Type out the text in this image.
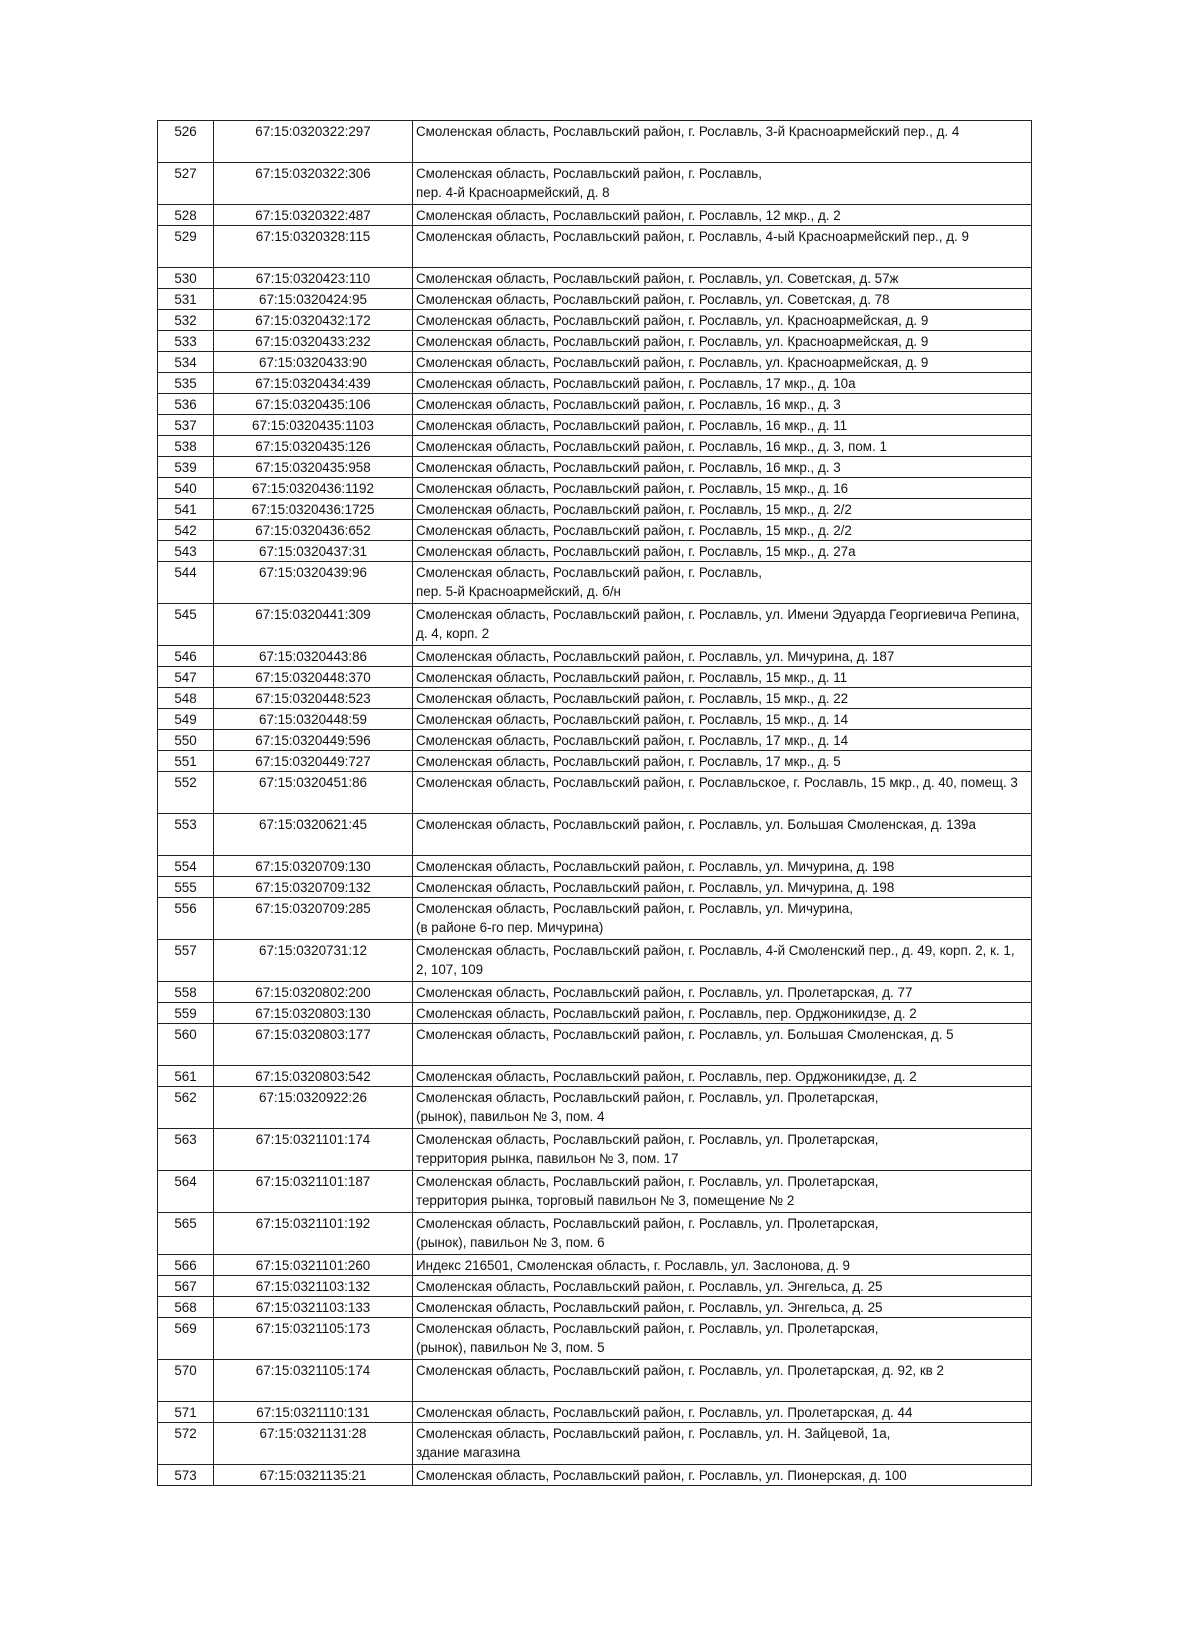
526	67:15:0320322:297	Смоленская область, Рославльский район, г. Рославль, 3-й Красноармейский пер., д. 4
527	67:15:0320322:306	Смоленская область, Рославльский район, г. Рославль,
пер. 4-й Красноармейский, д. 8
528	67:15:0320322:487	Смоленская область, Рославльский район, г. Рославль, 12 мкр., д. 2
529	67:15:0320328:115	Смоленская область, Рославльский район, г. Рославль, 4-ый Красноармейский пер., д. 9
530	67:15:0320423:110	Смоленская область, Рославльский район, г. Рославль, ул. Советская, д. 57ж
531	67:15:0320424:95	Смоленская область, Рославльский район, г. Рославль, ул. Советская, д. 78
532	67:15:0320432:172	Смоленская область, Рославльский район, г. Рославль, ул. Красноармейская, д. 9
533	67:15:0320433:232	Смоленская область, Рославльский район, г. Рославль, ул. Красноармейская, д. 9
534	67:15:0320433:90	Смоленская область, Рославльский район, г. Рославль, ул. Красноармейская, д. 9
535	67:15:0320434:439	Смоленская область, Рославльский район, г. Рославль, 17 мкр., д. 10а
536	67:15:0320435:106	Смоленская область, Рославльский район, г. Рославль, 16 мкр., д. 3
537	67:15:0320435:1103	Смоленская область, Рославльский район, г. Рославль, 16 мкр., д. 11
538	67:15:0320435:126	Смоленская область, Рославльский район, г. Рославль, 16 мкр., д. 3, пом. 1
539	67:15:0320435:958	Смоленская область, Рославльский район, г. Рославль, 16 мкр., д. 3
540	67:15:0320436:1192	Смоленская область, Рославльский район, г. Рославль, 15 мкр., д. 16
541	67:15:0320436:1725	Смоленская область, Рославльский район, г. Рославль, 15 мкр., д. 2/2
542	67:15:0320436:652	Смоленская область, Рославльский район, г. Рославль, 15 мкр., д. 2/2
543	67:15:0320437:31	Смоленская область, Рославльский район, г. Рославль, 15 мкр., д. 27а
544	67:15:0320439:96	Смоленская область, Рославльский район, г. Рославль,
пер. 5-й Красноармейский, д. б/н
545	67:15:0320441:309	Смоленская область, Рославльский район, г. Рославль, ул. Имени Эдуарда Георгиевича Репина, д. 4, корп. 2
546	67:15:0320443:86	Смоленская область, Рославльский район, г. Рославль, ул. Мичурина, д. 187
547	67:15:0320448:370	Смоленская область, Рославльский район, г. Рославль, 15 мкр., д. 11
548	67:15:0320448:523	Смоленская область, Рославльский район, г. Рославль, 15 мкр., д. 22
549	67:15:0320448:59	Смоленская область, Рославльский район, г. Рославль, 15 мкр., д. 14
550	67:15:0320449:596	Смоленская область, Рославльский район, г. Рославль, 17 мкр., д. 14
551	67:15:0320449:727	Смоленская область, Рославльский район, г. Рославль, 17 мкр., д. 5
552	67:15:0320451:86	Смоленская область, Рославльский район, г. Рославльское, г. Рославль, 15 мкр., д. 40, помещ. 3
553	67:15:0320621:45	Смоленская область, Рославльский район, г. Рославль, ул. Большая Смоленская, д. 139а
554	67:15:0320709:130	Смоленская область, Рославльский район, г. Рославль, ул. Мичурина, д. 198
555	67:15:0320709:132	Смоленская область, Рославльский район, г. Рославль, ул. Мичурина, д. 198
556	67:15:0320709:285	Смоленская область, Рославльский район, г. Рославль, ул. Мичурина,
(в районе 6-го пер. Мичурина)
557	67:15:0320731:12	Смоленская область, Рославльский район, г. Рославль, 4-й Смоленский пер., д. 49, корп. 2, к. 1, 2, 107, 109
558	67:15:0320802:200	Смоленская область, Рославльский район, г. Рославль, ул. Пролетарская, д. 77
559	67:15:0320803:130	Смоленская область, Рославльский район, г. Рославль, пер. Орджоникидзе, д. 2
560	67:15:0320803:177	Смоленская область, Рославльский район, г. Рославль, ул. Большая Смоленская, д. 5
561	67:15:0320803:542	Смоленская область, Рославльский район, г. Рославль, пер. Орджоникидзе, д. 2
562	67:15:0320922:26	Смоленская область, Рославльский район, г. Рославль, ул. Пролетарская,
(рынок), павильон № 3, пом. 4
563	67:15:0321101:174	Смоленская область, Рославльский район, г. Рославль, ул. Пролетарская,
территория рынка, павильон № 3, пом. 17
564	67:15:0321101:187	Смоленская область, Рославльский район, г. Рославль, ул. Пролетарская,
территория рынка, торговый павильон № 3, помещение № 2
565	67:15:0321101:192	Смоленская область, Рославльский район, г. Рославль, ул. Пролетарская,
(рынок), павильон № 3, пом. 6
566	67:15:0321101:260	Индекс 216501, Смоленская область, г. Рославль, ул. Заслонова, д. 9
567	67:15:0321103:132	Смоленская область, Рославльский район, г. Рославль, ул. Энгельса, д. 25
568	67:15:0321103:133	Смоленская область, Рославльский район, г. Рославль, ул. Энгельса, д. 25
569	67:15:0321105:173	Смоленская область, Рославльский район, г. Рославль, ул. Пролетарская,
(рынок), павильон № 3, пом. 5
570	67:15:0321105:174	Смоленская область, Рославльский район, г. Рославль, ул. Пролетарская, д. 92, кв 2
571	67:15:0321110:131	Смоленская область, Рославльский район, г. Рославль, ул. Пролетарская, д. 44
572	67:15:0321131:28	Смоленская область, Рославльский район, г. Рославль, ул. Н. Зайцевой, 1а,
здание магазина
573	67:15:0321135:21	Смоленская область, Рославльский район, г. Рославль, ул. Пионерская, д. 100
